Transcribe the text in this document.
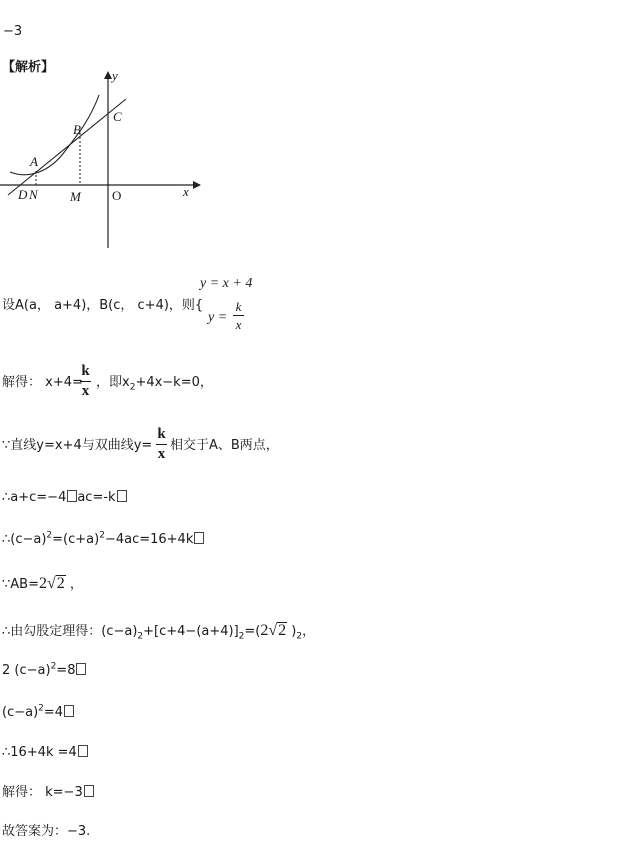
−3
【解析】
y
C
B
A
D N M O	x
y = x + 4
设A(a， a+4)，B(c， c+4)，则{
y =
k
x
解得： x+4=
k
x
，即$x_2+4x-k=0$，
∵直线y=x+4与双曲线y=
k
x
相交于A、B两点，
∴a+c=−4 ac=-k
$\therefore(c-a)^2=(c+a)^2-4ac=16+4k$
∵AB=2√2 ，
∴由勾股定理得：$(c-a)_2+[c+4-(a+4)]_2=(2√2$ )$_2$，
2 $(c-a)^2=8$
$(c-a)^2=4$
∴16+4k =4
解得： k=−3
故答案为：−3.
